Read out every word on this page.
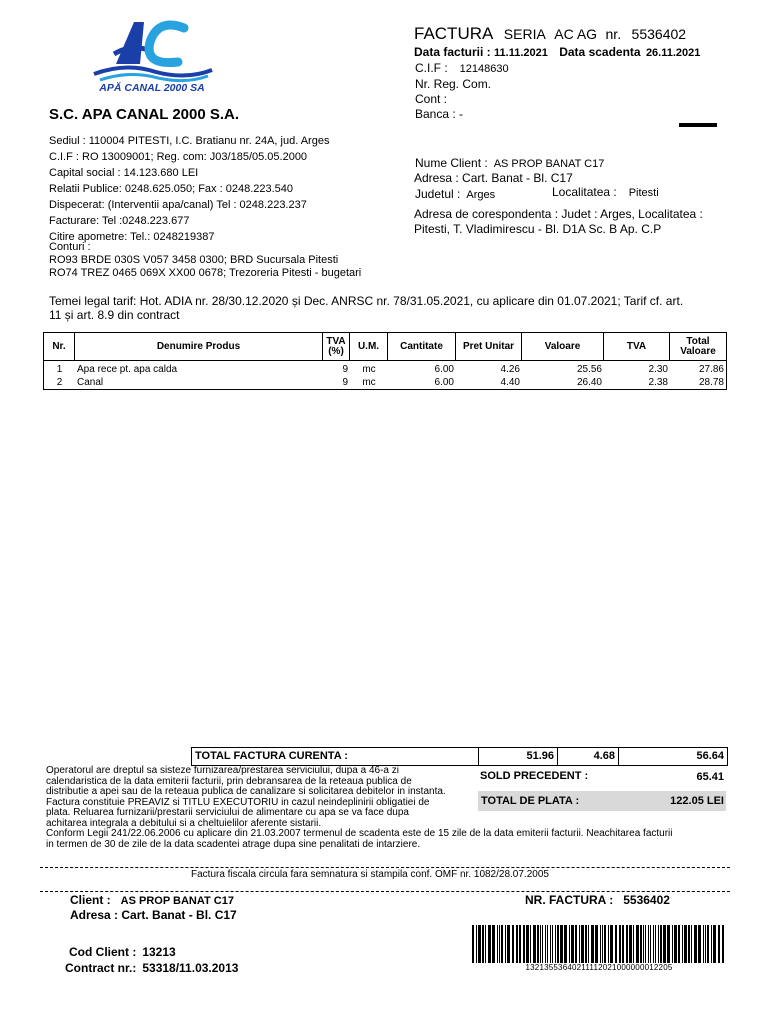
APĂ CANAL 2000 SA
S.C. APA CANAL 2000 S.A.
Sediul : 110004 PITESTI, I.C. Bratianu nr. 24A, jud. Arges
C.I.F : RO 13009001; Reg. com: J03/185/05.05.2000
Capital social : 14.123.680 LEI
Relatii Publice: 0248.625.050; Fax : 0248.223.540
Dispecerat: (Interventii apa/canal) Tel : 0248.223.237
Facturare: Tel :0248.223.677
Citire apometre: Tel.: 0248219387
Conturi :
RO93 BRDE 030S V057 3458 0300; BRD Sucursala Pitesti
RO74 TREZ 0465 069X XX00 0678; Trezoreria Pitesti - bugetari
FACTURA SERIA AC AG nr. 5536402
Data facturii : 11.11.2021 Data scadenta 26.11.2021
C.I.F : 12148630
Nr. Reg. Com.
Cont :
Banca : -
Nume Client : AS PROP BANAT C17
Adresa : Cart. Banat - Bl. C17
Judetul : Arges	Localitatea : Pitesti
Adresa de corespondenta : Judet : Arges, Localitatea :
Pitesti, T. Vladimirescu - Bl. D1A Sc. B Ap. C.P
Temei legal tarif: Hot. ADIA nr. 28/30.12.2020 și Dec. ANRSC nr. 78/31.05.2021, cu aplicare din 01.07.2021; Tarif cf. art.
11 și art. 8.9 din contract
Nr.	Denumire Produs	TVA
(%)	U.M.	Cantitate	Pret Unitar	Valoare	TVA	Total Valoare
1	Apa rece pt. apa calda	9	mc	6.00	4.26	25.56	2.30	27.86
2	Canal	9	mc	6.00	4.40	26.40	2.38	28.78
TOTAL FACTURA CURENTA :	51.96	4.68	56.64
SOLD PRECEDENT :	65.41
TOTAL DE PLATA :	122.05 LEI
Operatorul are dreptul sa sisteze furnizarea/prestarea serviciului, dupa a 46-a zi
calendaristica de la data emiterii facturii, prin debransarea de la reteaua publica de
distributie a apei sau de la reteaua publica de canalizare si solicitarea debitelor in instanta.
Factura constituie PREAVIZ si TITLU EXECUTORIU in cazul neindeplinirii obligatiei de
plata. Reluarea furnizarii/prestarii serviciului de alimentare cu apa se va face dupa
achitarea integrala a debitului si a cheltuielilor aferente sistarii.
Conform Legii 241/22.06.2006 cu aplicare din 21.03.2007 termenul de scadenta este de 15 zile de la data emiterii facturii. Neachitarea facturii
in termen de 30 de zile de la data scadentei atrage dupa sine penalitati de intarziere.
Factura fiscala circula fara semnatura si stampila conf. OMF nr. 1082/28.07.2005
Client : AS PROP BANAT C17
Adresa : Cart. Banat - Bl. C17
NR. FACTURA : 5536402
Cod Client : 13213
Contract nr.: 53318/11.03.2013	13213553640211112021000000012205
